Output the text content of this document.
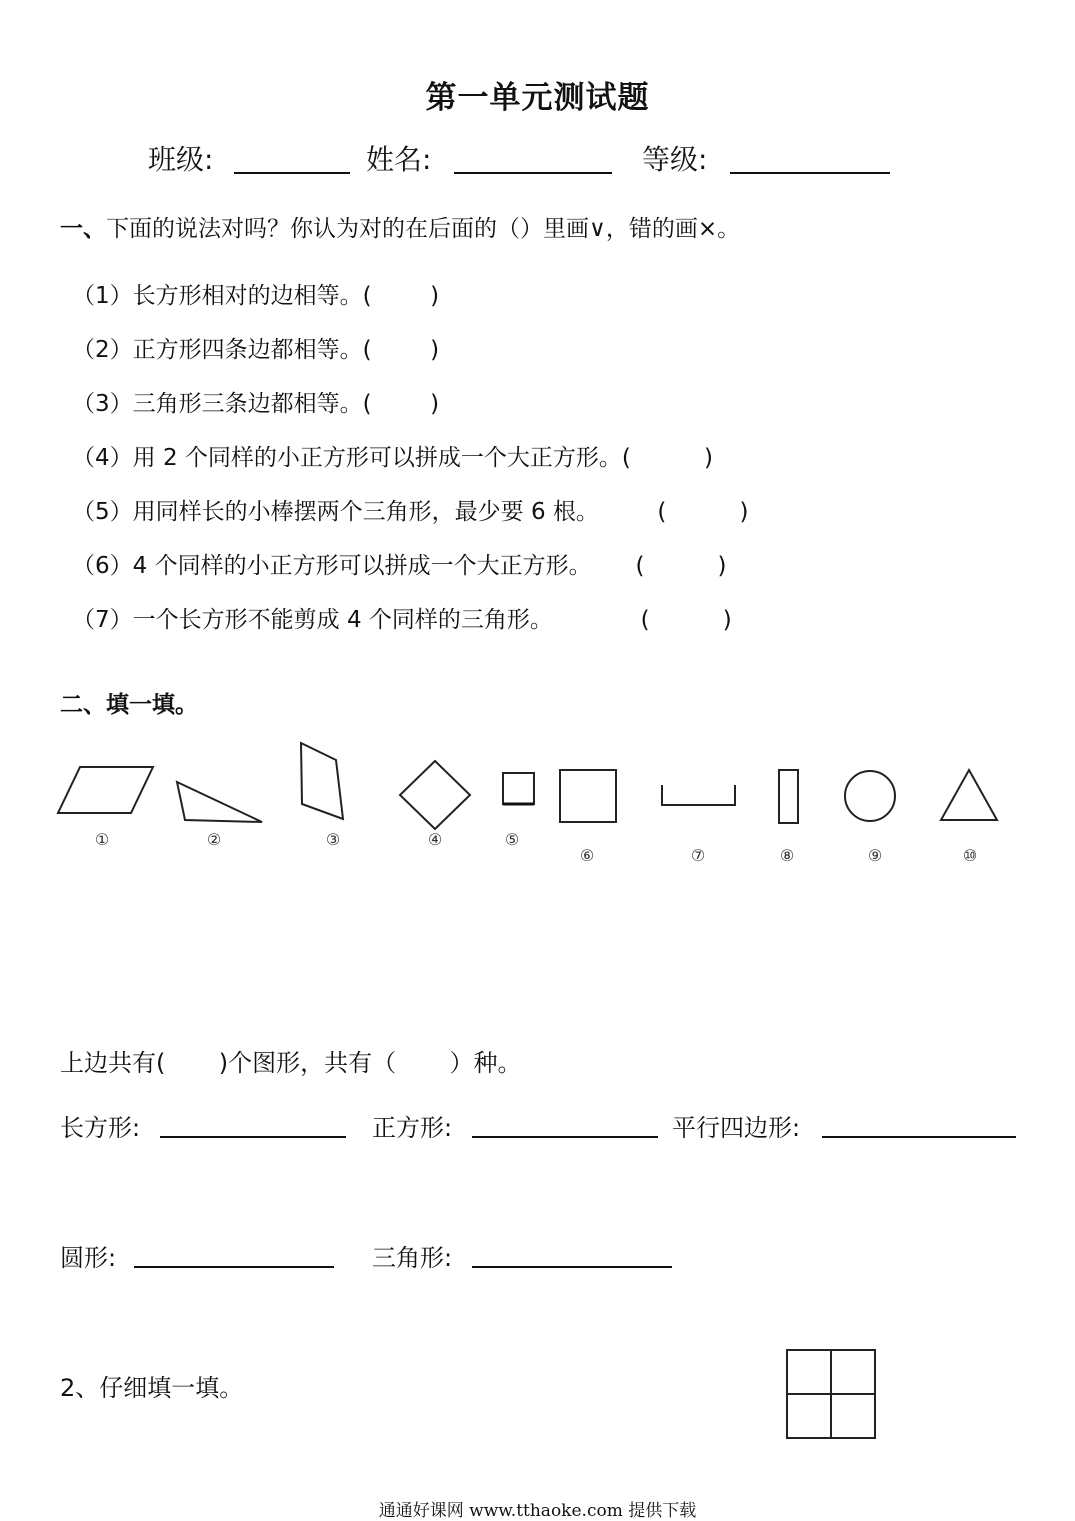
第一单元测试题
班级:	姓名:	等级:
一、下面的说法对吗？你认为对的在后面的（）里画∨，错的画×。
（1）长方形相对的边相等。(        )
（2）正方形四条边都相等。(        )
（3）三角形三条边都相等。(        )
（4）用 2 个同样的小正方形可以拼成一个大正方形。(          )
（5）用同样长的小棒摆两个三角形，最少要 6 根。        (          )
（6）4 个同样的小正方形可以拼成一个大正方形。      (          )
（7）一个长方形不能剪成 4 个同样的三角形。            (          )
二、填一填。
①	②	③	④	⑤
⑥	⑦	⑧	⑨	⑩
上边共有(       )个图形，共有（       ）种。
长方形:	正方形:	平行四边形:
圆形:	三角形:
2、仔细填一填。
通通好课网 www.tthaoke.com 提供下载
